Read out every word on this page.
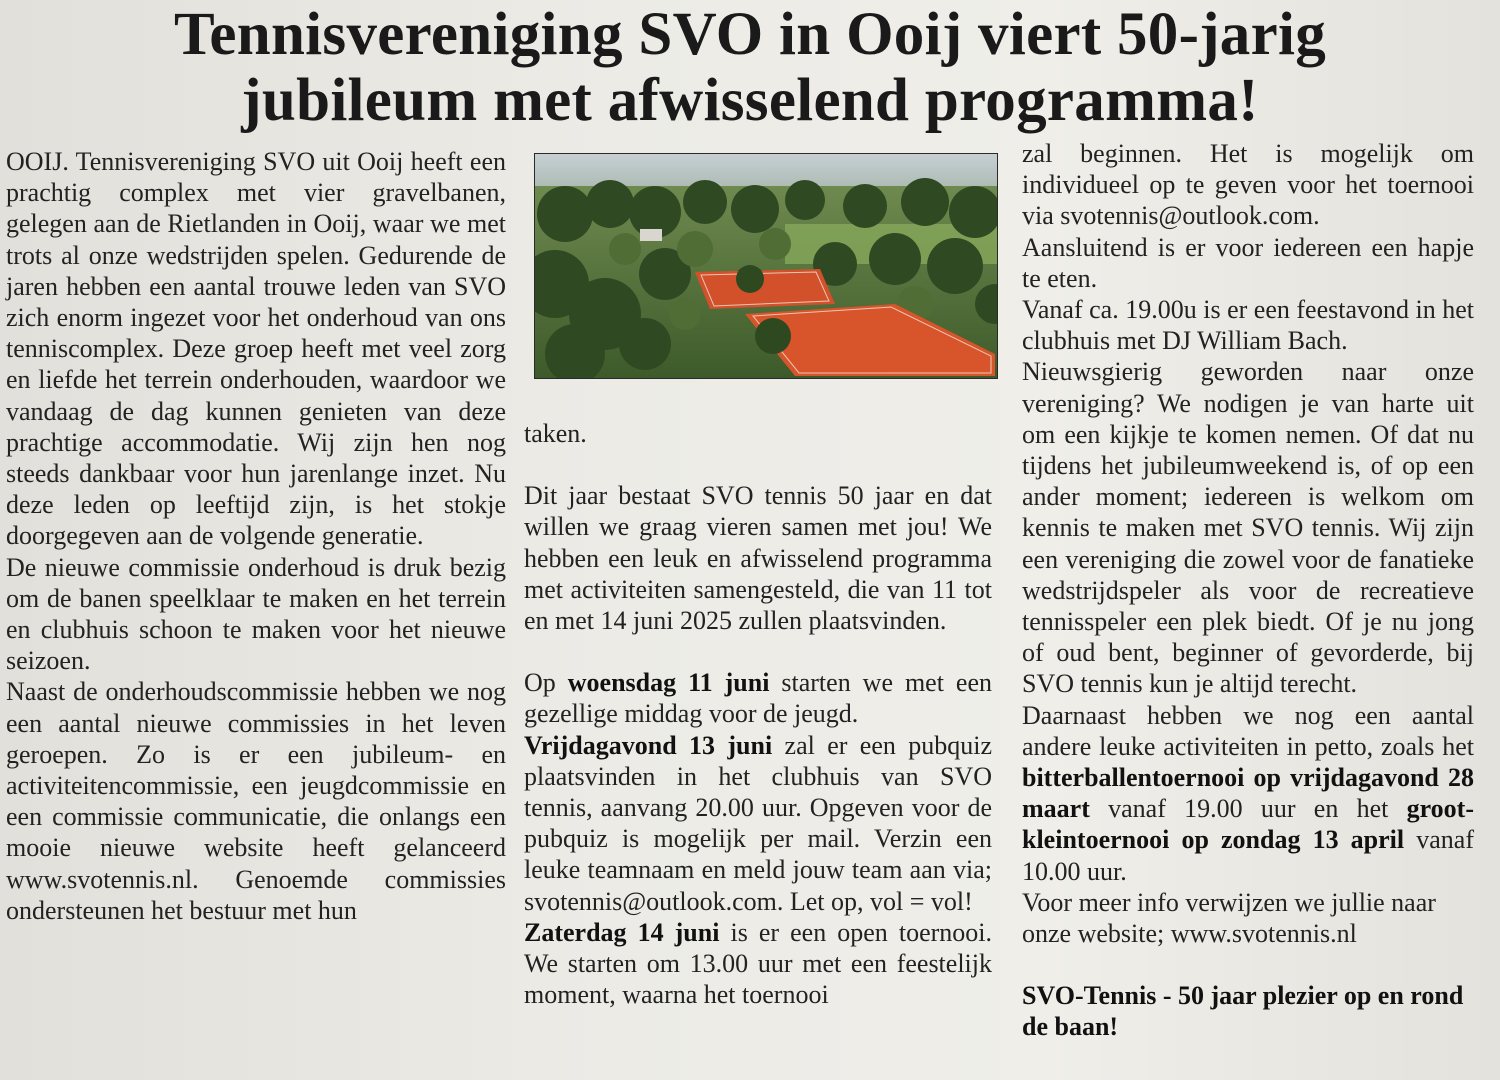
Tennisvereniging SVO in Ooij viert 50-jarig
jubileum met afwisselend programma!

OOIJ. Tennisvereniging SVO uit Ooij heeft een prachtig complex met vier gravelbanen, gelegen aan de Rietlanden in Ooij, waar we met trots al onze wedstrijden spelen. Gedurende de jaren hebben een aantal trouwe leden van SVO zich enorm ingezet voor het onderhoud van ons tenniscomplex. Deze groep heeft met veel zorg en liefde het terrein onderhouden, waardoor we vandaag de dag kunnen genieten van deze prachtige accommodatie. Wij zijn hen nog steeds dankbaar voor hun jarenlange inzet. Nu deze leden op leeftijd zijn, is het stokje doorgegeven aan de volgende generatie.

De nieuwe commissie onderhoud is druk bezig om de banen speelklaar te maken en het terrein en clubhuis schoon te maken voor het nieuwe seizoen.

Naast de onderhoudscommissie hebben we nog een aantal nieuwe commissies in het leven geroepen. Zo is er een jubileum- en activiteitencommissie, een jeugdcommissie en een commissie communicatie, die onlangs een mooie nieuwe website heeft gelanceerd www.svotennis.nl. Genoemde commissies ondersteunen het bestuur met hun

taken.

Dit jaar bestaat SVO tennis 50 jaar en dat willen we graag vieren samen met jou! We hebben een leuk en afwisselend programma met activiteiten samengesteld, die van 11 tot en met 14 juni 2025 zullen plaatsvinden.

Op woensdag 11 juni starten we met een gezellige middag voor de jeugd.

Vrijdagavond 13 juni zal er een pubquiz plaatsvinden in het clubhuis van SVO tennis, aanvang 20.00 uur. Opgeven voor de pubquiz is mogelijk per mail. Verzin een leuke teamnaam en meld jouw team aan via; svotennis@outlook.com. Let op, vol = vol!

Zaterdag 14 juni is er een open toernooi. We starten om 13.00 uur met een feestelijk moment, waarna het toernooi

zal beginnen. Het is mogelijk om individueel op te geven voor het toernooi via svotennis@outlook.com.

Aansluitend is er voor iedereen een hapje te eten.

Vanaf ca. 19.00u is er een feestavond in het clubhuis met DJ William Bach.

Nieuwsgierig geworden naar onze vereniging? We nodigen je van harte uit om een kijkje te komen nemen. Of dat nu tijdens het jubileumweekend is, of op een ander moment; iedereen is welkom om kennis te maken met SVO tennis. Wij zijn een vereniging die zowel voor de fanatieke wedstrijdspeler als voor de recreatieve tennisspeler een plek biedt. Of je nu jong of oud bent, beginner of gevorderde, bij SVO tennis kun je altijd terecht.

Daarnaast hebben we nog een aantal andere leuke activiteiten in petto, zoals het bitterballentoernooi op vrijdagavond 28 maart vanaf 19.00 uur en het groot-kleintoernooi op zondag 13 april vanaf 10.00 uur.

Voor meer info verwijzen we jullie naar onze website; www.svotennis.nl

SVO-Tennis - 50 jaar plezier op en rond de baan!
